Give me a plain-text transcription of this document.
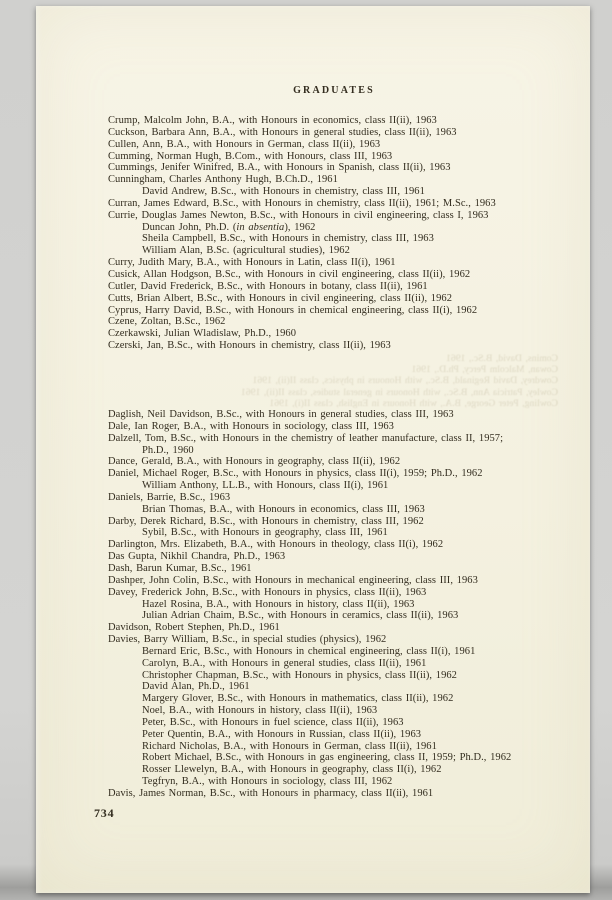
GRADUATES
Comins, David, B.Sc., 1961
Cowan, Malcolm Percy, Ph.D., 1961
Cowdrey, David Reginald, B.Sc., with Honours in physics, class II(ii), 1961
Cowley, Patricia Ann, B.Sc., with Honours in general studies, class II(ii), 1961
Cowling, Peter George, B.A., with Honours in English, class II(i), 1961
734
Crump, Malcolm John, B.A., with Honours in economics, class II(ii), 1963
Cuckson, Barbara Ann, B.A., with Honours in general studies, class II(ii), 1963
Cullen, Ann, B.A., with Honours in German, class II(ii), 1963
Cumming, Norman Hugh, B.Com., with Honours, class III, 1963
Cummings, Jenifer Winifred, B.A., with Honours in Spanish, class II(ii), 1963
Cunningham, Charles Anthony Hugh, B.Ch.D., 1961
David Andrew, B.Sc., with Honours in chemistry, class III, 1961
Curran, James Edward, B.Sc., with Honours in chemistry, class II(ii), 1961; M.Sc., 1963
Currie, Douglas James Newton, B.Sc., with Honours in civil engineering, class I, 1963
Duncan John, Ph.D. (in absentia), 1962
Sheila Campbell, B.Sc., with Honours in chemistry, class III, 1963
William Alan, B.Sc. (agricultural studies), 1962
Curry, Judith Mary, B.A., with Honours in Latin, class II(i), 1961
Cusick, Allan Hodgson, B.Sc., with Honours in civil engineering, class II(ii), 1962
Cutler, David Frederick, B.Sc., with Honours in botany, class II(ii), 1961
Cutts, Brian Albert, B.Sc., with Honours in civil engineering, class II(ii), 1962
Cyprus, Harry David, B.Sc., with Honours in chemical engineering, class II(i), 1962
Czene, Zoltan, B.Sc., 1962
Czerkawski, Julian Wladislaw, Ph.D., 1960
Czerski, Jan, B.Sc., with Honours in chemistry, class II(ii), 1963
Daglish, Neil Davidson, B.Sc., with Honours in general studies, class III, 1963
Dale, Ian Roger, B.A., with Honours in sociology, class III, 1963
Dalzell, Tom, B.Sc., with Honours in the chemistry of leather manufacture, class II, 1957;
Ph.D., 1960
Dance, Gerald, B.A., with Honours in geography, class II(ii), 1962
Daniel, Michael Roger, B.Sc., with Honours in physics, class II(i), 1959; Ph.D., 1962
William Anthony, LL.B., with Honours, class II(i), 1961
Daniels, Barrie, B.Sc., 1963
Brian Thomas, B.A., with Honours in economics, class III, 1963
Darby, Derek Richard, B.Sc., with Honours in chemistry, class III, 1962
Sybil, B.Sc., with Honours in geography, class III, 1961
Darlington, Mrs. Elizabeth, B.A., with Honours in theology, class II(i), 1962
Das Gupta, Nikhil Chandra, Ph.D., 1963
Dash, Barun Kumar, B.Sc., 1961
Dashper, John Colin, B.Sc., with Honours in mechanical engineering, class III, 1963
Davey, Frederick John, B.Sc., with Honours in physics, class II(ii), 1963
Hazel Rosina, B.A., with Honours in history, class II(ii), 1963
Julian Adrian Chaim, B.Sc., with Honours in ceramics, class II(ii), 1963
Davidson, Robert Stephen, Ph.D., 1961
Davies, Barry William, B.Sc., in special studies (physics), 1962
Bernard Eric, B.Sc., with Honours in chemical engineering, class II(i), 1961
Carolyn, B.A., with Honours in general studies, class II(ii), 1961
Christopher Chapman, B.Sc., with Honours in physics, class II(ii), 1962
David Alan, Ph.D., 1961
Margery Glover, B.Sc., with Honours in mathematics, class II(ii), 1962
Noel, B.A., with Honours in history, class II(ii), 1963
Peter, B.Sc., with Honours in fuel science, class II(ii), 1963
Peter Quentin, B.A., with Honours in Russian, class II(ii), 1963
Richard Nicholas, B.A., with Honours in German, class II(ii), 1961
Robert Michael, B.Sc., with Honours in gas engineering, class II, 1959; Ph.D., 1962
Rosser Llewelyn, B.A., with Honours in geography, class II(i), 1962
Tegfryn, B.A., with Honours in sociology, class III, 1962
Davis, James Norman, B.Sc., with Honours in pharmacy, class II(ii), 1961
